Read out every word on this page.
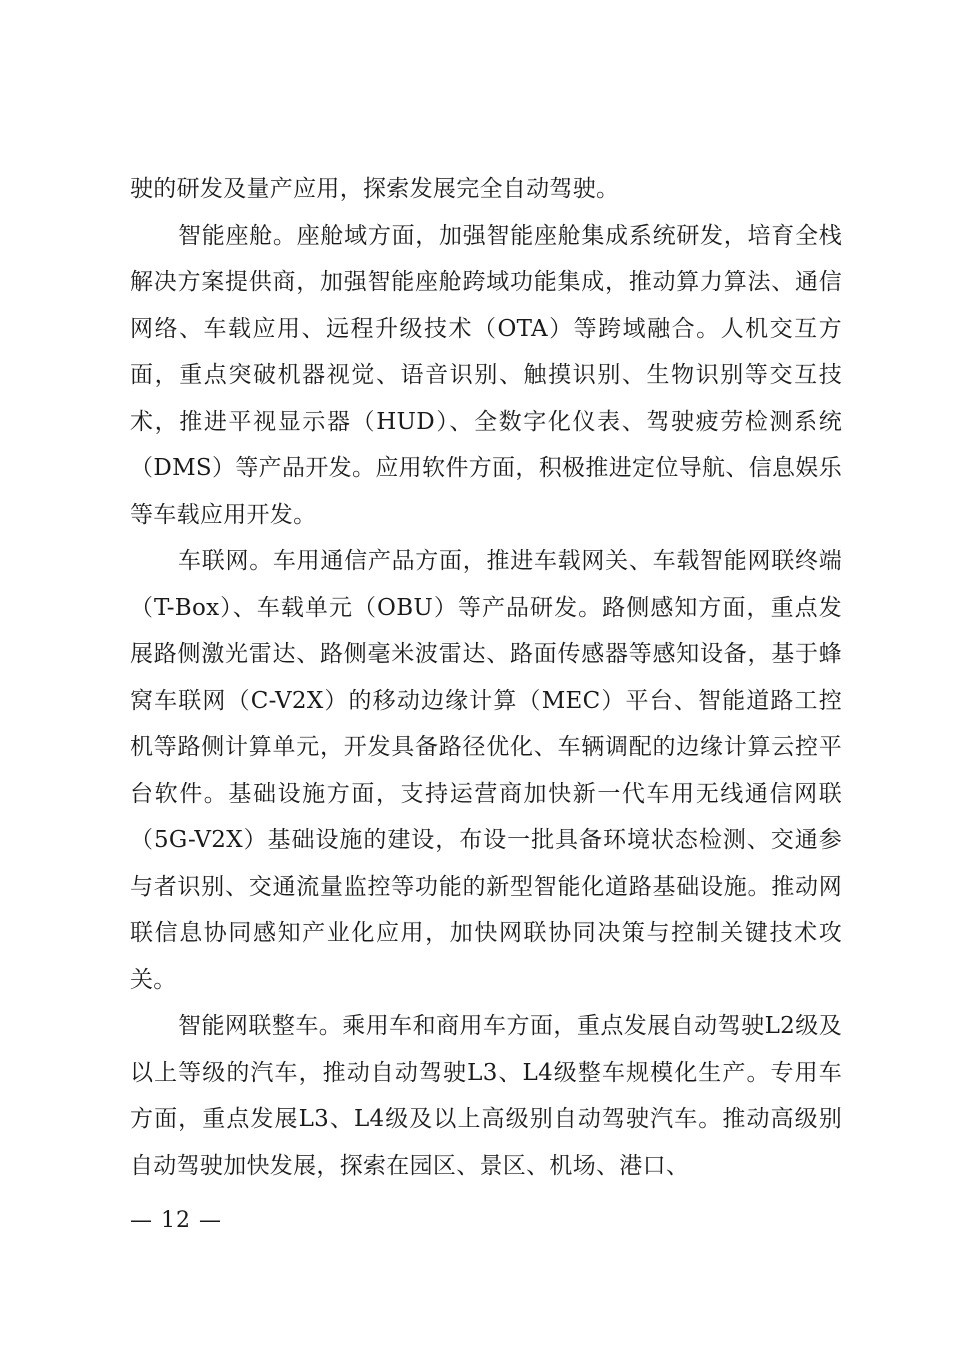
驶的研发及量产应用，探索发展完全自动驾驶。

智能座舱。座舱域方面，加强智能座舱集成系统研发，培育全栈解决方案提供商，加强智能座舱跨域功能集成，推动算力算法、通信网络、车载应用、远程升级技术（OTA）等跨域融合。人机交互方面，重点突破机器视觉、语音识别、触摸识别、生物识别等交互技术，推进平视显示器（HUD）、全数字化仪表、驾驶疲劳检测系统（DMS）等产品开发。应用软件方面，积极推进定位导航、信息娱乐等车载应用开发。

车联网。车用通信产品方面，推进车载网关、车载智能网联终端（T-Box）、车载单元（OBU）等产品研发。路侧感知方面，重点发展路侧激光雷达、路侧毫米波雷达、路面传感器等感知设备，基于蜂窝车联网（C-V2X）的移动边缘计算（MEC）平台、智能道路工控机等路侧计算单元，开发具备路径优化、车辆调配的边缘计算云控平台软件。基础设施方面，支持运营商加快新一代车用无线通信网联（5G-V2X）基础设施的建设，布设一批具备环境状态检测、交通参与者识别、交通流量监控等功能的新型智能化道路基础设施。推动网联信息协同感知产业化应用，加快网联协同决策与控制关键技术攻关。

智能网联整车。乘用车和商用车方面，重点发展自动驾驶L2级及以上等级的汽车，推动自动驾驶L3、L4级整车规模化生产。专用车方面，重点发展L3、L4级及以上高级别自动驾驶汽车。推动高级别自动驾驶加快发展，探索在园区、景区、机场、港口、

— 12 —
